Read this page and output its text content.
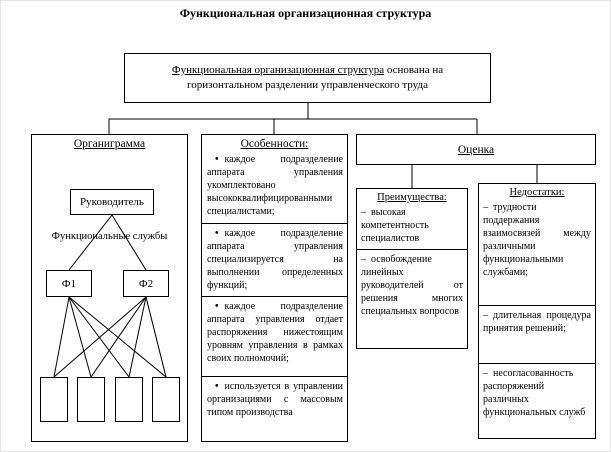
Функциональная организационная структура
Функциональная организационная структура основана на горизонтальном разделении управленческого труда
Органиграмма
Руководитель
Функциональные службы
Ф1	Ф2
Особенности:
• каждое подразделение аппарата управления укомплектовано высококвалифицированными специалистами;
• каждое подразделение аппарата управления специализируется на выполнении определенных функций;
• каждое подразделение аппарата управления отдает распоряжения нижестоящим уровням управления в рамках своих полномочий;
• используется в управлении организациями с массовым типом производства
Оценка
Преимущества:
– высокая компетентность специалистов
– освобождение линейных руководителей от решения многих специальных вопросов
Недостатки:
– трудности поддержания взаимосвязей между различными функциональными службами;
– длительная процедура принятия решений;
– несогласованность распоряжений различных функциональных служб
